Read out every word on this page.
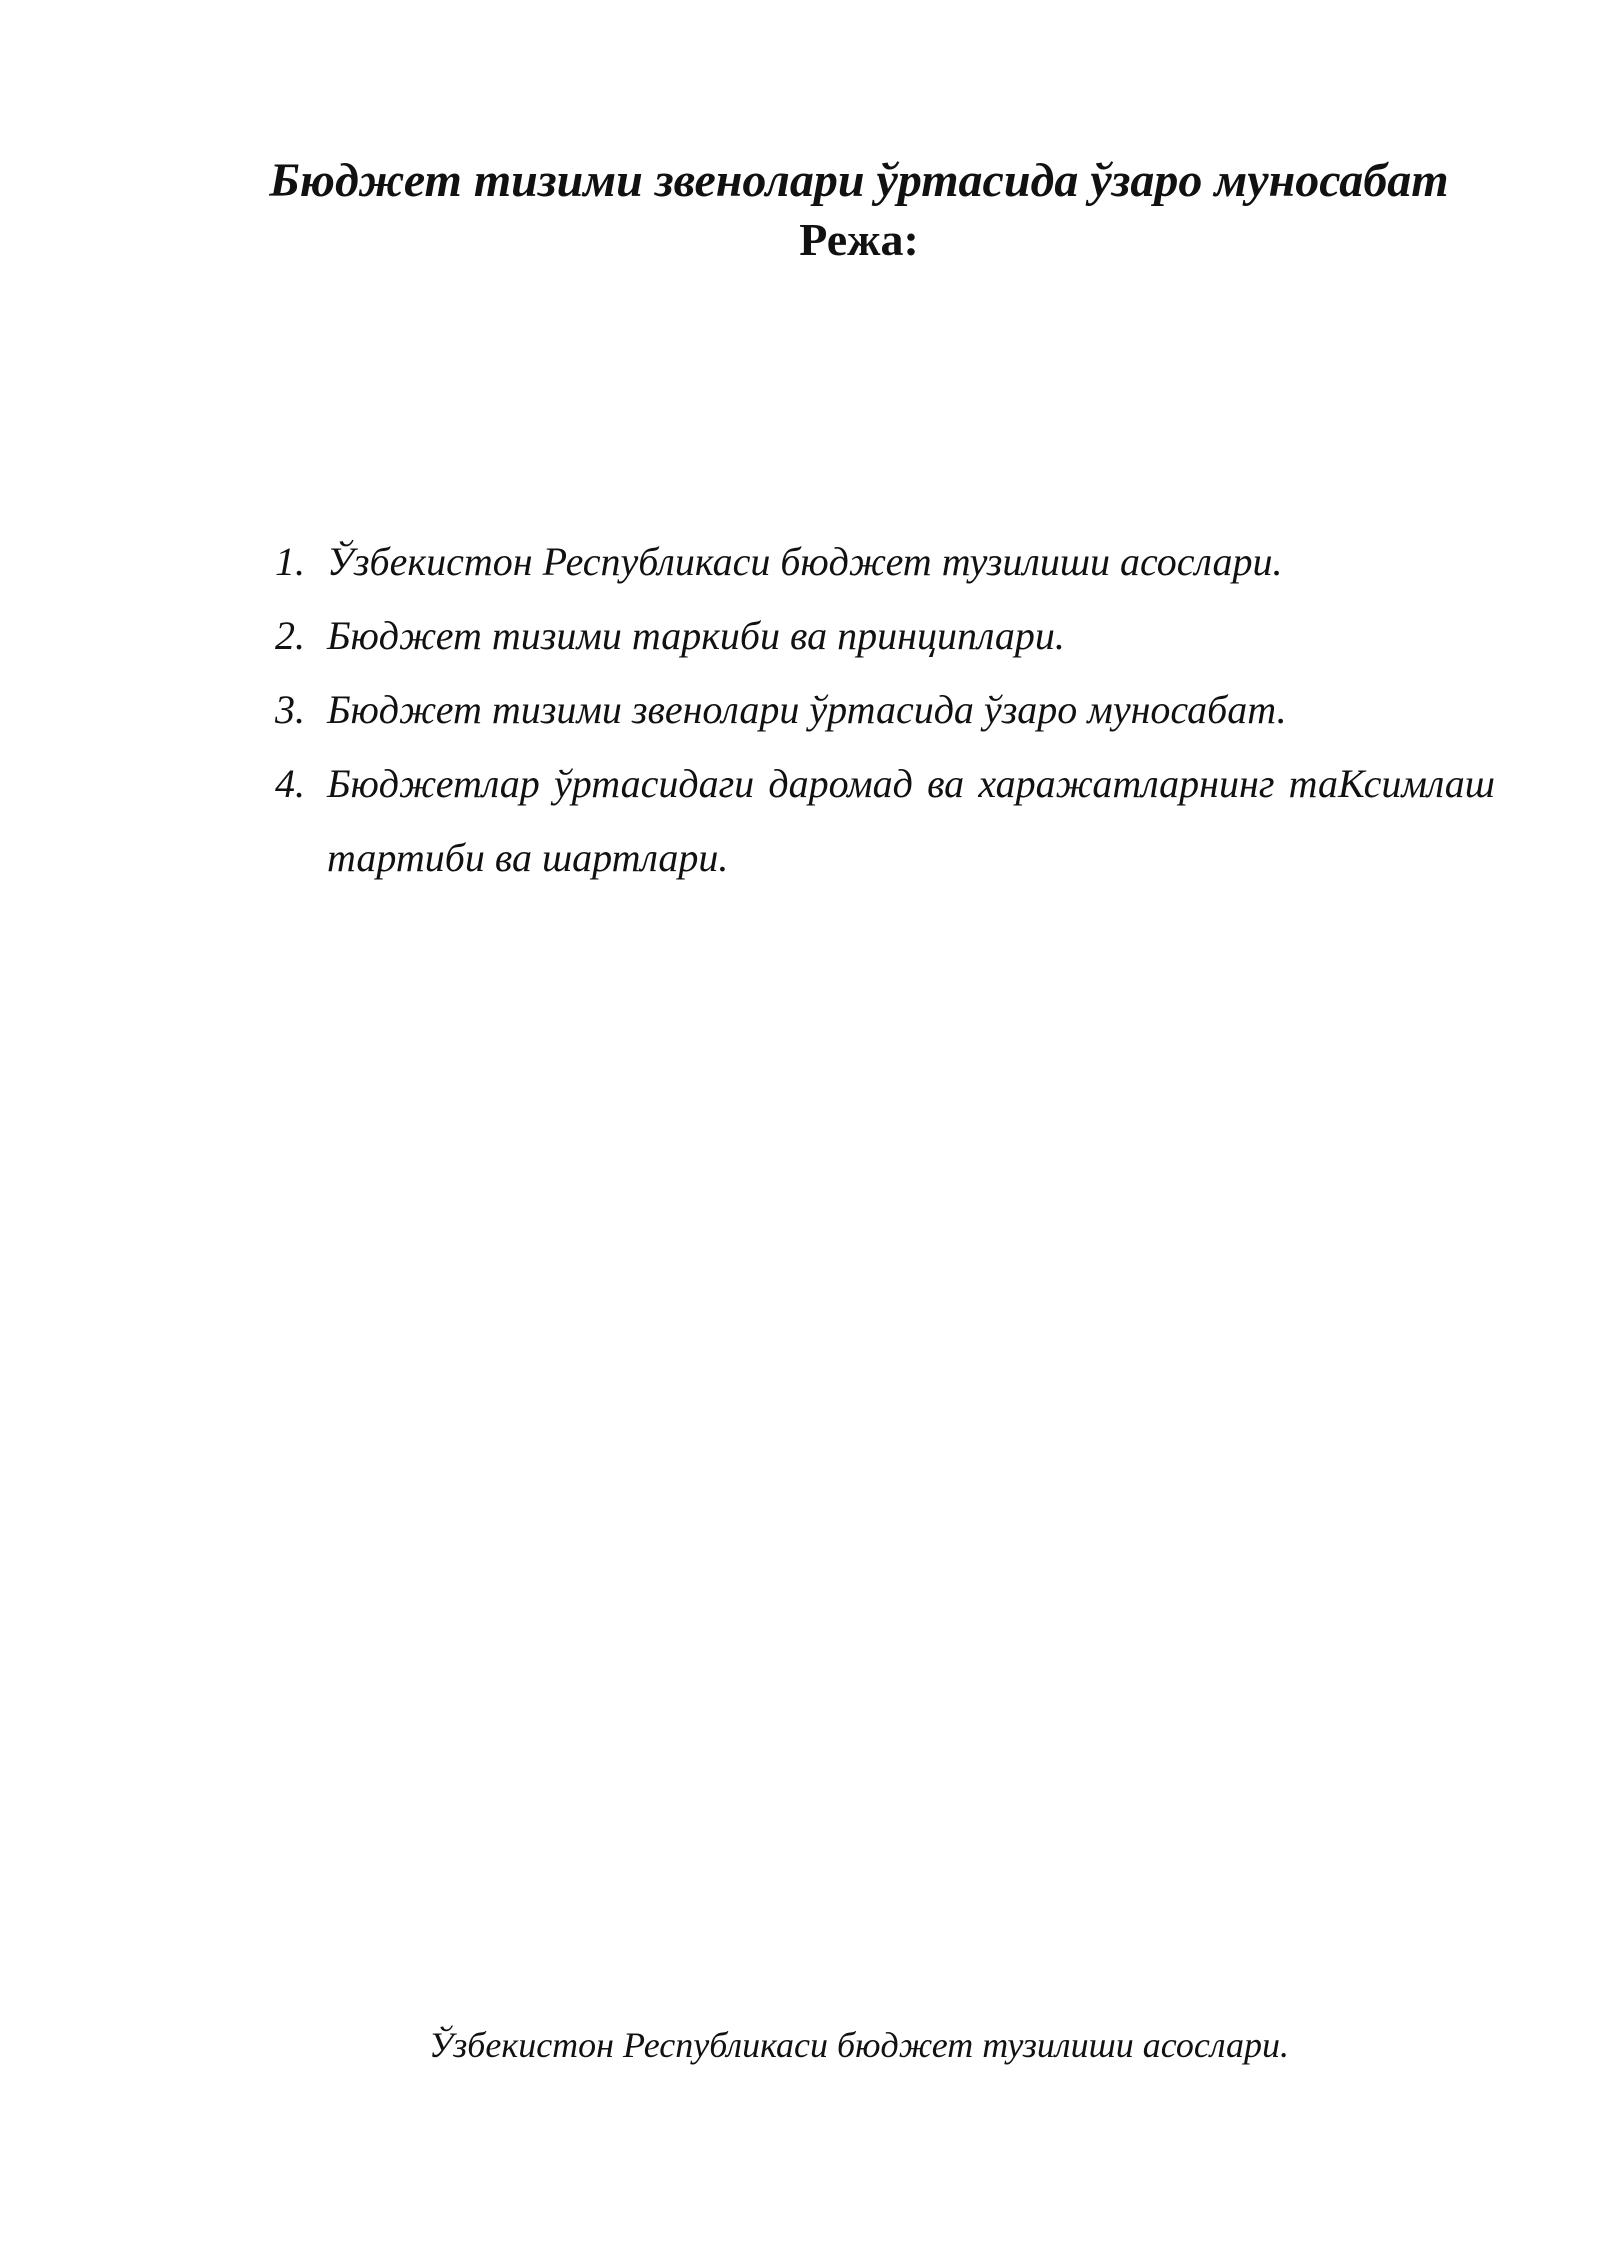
Бюджет тизими звенолари ўртасида ўзаро муносабат
Режа:
1. Ўзбекистон Республикаси бюджет тузилиши асослари.
2. Бюджет тизими таркиби ва принциплари.
3. Бюджет тизими звенолари ўртасида ўзаро муносабат.
4. Бюджетлар ўртасидаги даромад ва харажатларнинг таКсимлаш тартиби ва шартлари.
Ўзбекистон Республикаси бюджет тузилиши асослари.
